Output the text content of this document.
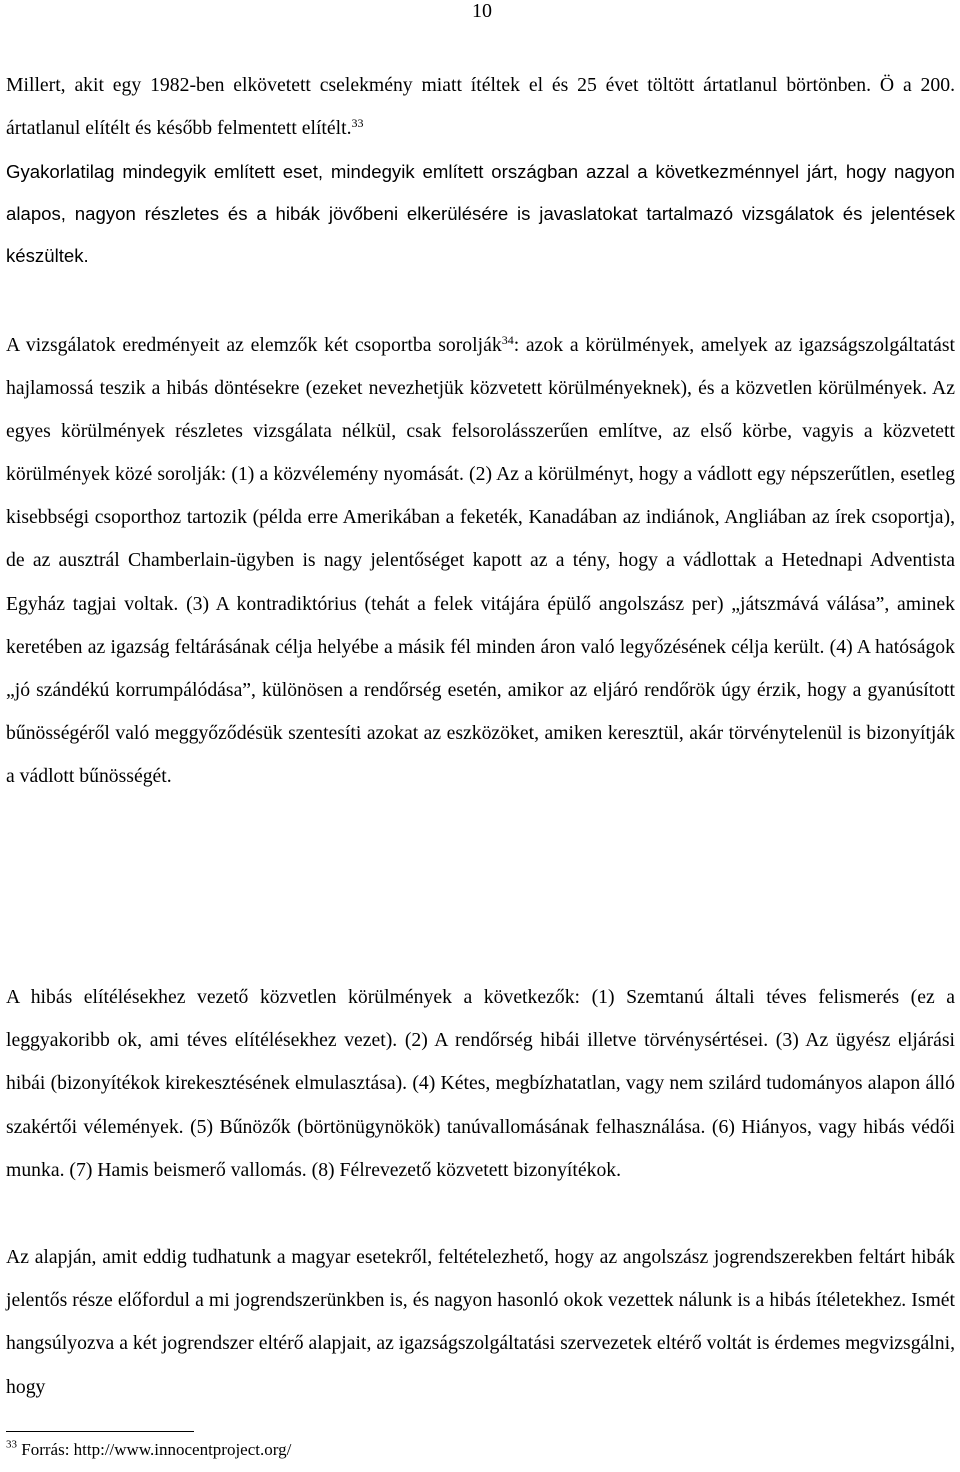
10
Millert, akit egy 1982-ben elkövetett cselekmény miatt ítéltek el és 25 évet töltött ártatlanul börtönben. Ö a 200. ártatlanul elítélt és később felmentett elítélt.$^{33}$
Gyakorlatilag mindegyik említett eset, mindegyik említett országban azzal a következménnyel járt, hogy nagyon alapos, nagyon részletes és a hibák jövőbeni elkerülésére is javaslatokat tartalmazó vizsgálatok és jelentések készültek.
A vizsgálatok eredményeit az elemzők két csoportba sorolják$^{34}$: azok a körülmények, amelyek az igazságszolgáltatást hajlamossá teszik a hibás döntésekre (ezeket nevezhetjük közvetett körülményeknek), és a közvetlen körülmények. Az egyes körülmények részletes vizsgálata nélkül, csak felsorolásszerűen említve, az első körbe, vagyis a közvetett körülmények közé sorolják: (1) a közvélemény nyomását. (2) Az a körülményt, hogy a vádlott egy népszerűtlen, esetleg kisebbségi csoporthoz tartozik (példa erre Amerikában a feketék, Kanadában az indiánok, Angliában az írek csoportja), de az ausztrál Chamberlain-ügyben is nagy jelentőséget kapott az a tény, hogy a vádlottak a Hetednapi Adventista Egyház tagjai voltak. (3) A kontradiktórius (tehát a felek vitájára épülő angolszász per) „játszmává válása”, aminek keretében az igazság feltárásának célja helyébe a másik fél minden áron való legyőzésének célja került. (4) A hatóságok „jó szándékú korrumpálódása”, különösen a rendőrség esetén, amikor az eljáró rendőrök úgy érzik, hogy a gyanúsított bűnösségéről való meggyőződésük szentesíti azokat az eszközöket, amiken keresztül, akár törvénytelenül is bizonyítják a vádlott bűnösségét.
A hibás elítélésekhez vezető közvetlen körülmények a következők: (1) Szemtanú általi téves felismerés (ez a leggyakoribb ok, ami téves elítélésekhez vezet). (2) A rendőrség hibái illetve törvénysértései. (3) Az ügyész eljárási hibái (bizonyítékok kirekesztésének elmulasztása). (4) Kétes, megbízhatatlan, vagy nem szilárd tudományos alapon álló szakértői vélemények. (5) Bűnözők (börtönügynökök) tanúvallomásának felhasználása. (6) Hiányos, vagy hibás védői munka. (7) Hamis beismerő vallomás. (8) Félrevezető közvetett bizonyítékok.
Az alapján, amit eddig tudhatunk a magyar esetekről, feltételezhető, hogy az angolszász jogrendszerekben feltárt hibák jelentős része előfordul a mi jogrendszerünkben is, és nagyon hasonló okok vezettek nálunk is a hibás ítéletekhez. Ismét hangsúlyozva a két jogrendszer eltérő alapjait, az igazságszolgáltatási szervezetek eltérő voltát is érdemes megvizsgálni, hogy
$^{33}$ Forrás: http://www.innocentproject.org/
